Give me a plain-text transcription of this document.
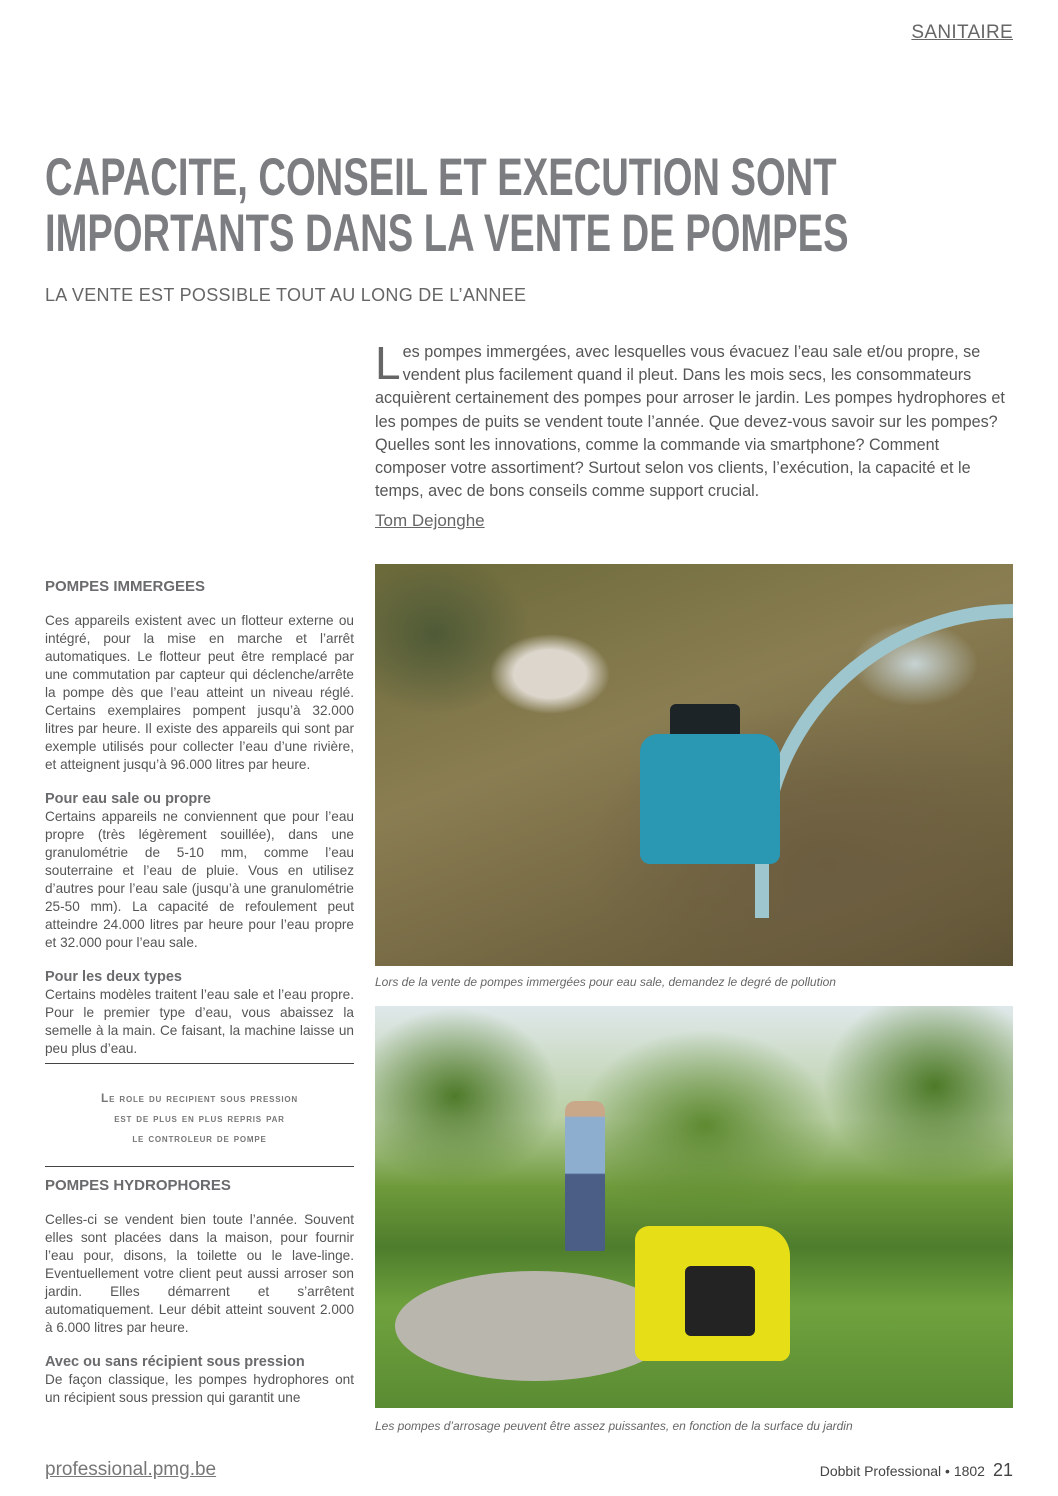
SANITAIRE
CAPACITE, CONSEIL ET EXECUTION SONT IMPORTANTS DANS LA VENTE DE POMPES
LA VENTE EST POSSIBLE TOUT AU LONG DE L’ANNEE
Les pompes immergées, avec lesquelles vous évacuez l’eau sale et/ou propre, se vendent plus facilement quand il pleut. Dans les mois secs, les consommateurs acquièrent certainement des pompes pour arroser le jardin. Les pompes hydrophores et les pompes de puits se vendent toute l’année. Que devez-vous savoir sur les pompes? Quelles sont les innovations, comme la commande via smartphone? Comment composer votre assortiment? Surtout selon vos clients, l’exécution, la capacité et le temps, avec de bons conseils comme support crucial.
Tom Dejonghe
POMPES IMMERGEES

Ces appareils existent avec un flotteur externe ou intégré, pour la mise en marche et l’arrêt automatiques. Le flotteur peut être remplacé par une commutation par capteur qui déclenche/arrête la pompe dès que l’eau atteint un niveau réglé. Certains exemplaires pompent jusqu’à 32.000 litres par heure. Il existe des appareils qui sont par exemple utilisés pour collecter l’eau d’une rivière, et atteignent jusqu’à 96.000 litres par heure.

Pour eau sale ou propre

Certains appareils ne conviennent que pour l’eau propre (très légèrement souillée), dans une granulométrie de 5-10 mm, comme l’eau souterraine et l’eau de pluie. Vous en utilisez d’autres pour l’eau sale (jusqu’à une granulométrie 25-50 mm). La capacité de refoulement peut atteindre 24.000 litres par heure pour l’eau propre et 32.000 pour l’eau sale.

Pour les deux types

Certains modèles traitent l’eau sale et l’eau propre. Pour le premier type d’eau, vous abaissez la semelle à la main. Ce faisant, la machine laisse un peu plus d’eau.

Le role du recipient sous pression
est de plus en plus repris par
le controleur de pompe
POMPES HYDROPHORES

Celles-ci se vendent bien toute l’année. Souvent elles sont placées dans la maison, pour fournir l’eau pour, disons, la toilette ou le lave-linge. Eventuellement votre client peut aussi arroser son jardin. Elles démarrent et s’arrêtent automatiquement. Leur débit atteint souvent 2.000 à 6.000 litres par heure.

Avec ou sans récipient sous pression

De façon classique, les pompes hydrophores ont un récipient sous pression qui garantit une

Lors de la vente de pompes immergées pour eau sale, demandez le degré de pollution
Les pompes d’arrosage peuvent être assez puissantes, en fonction de la surface du jardin
professional.pmg.be	Dobbit Professional • 1802 21
